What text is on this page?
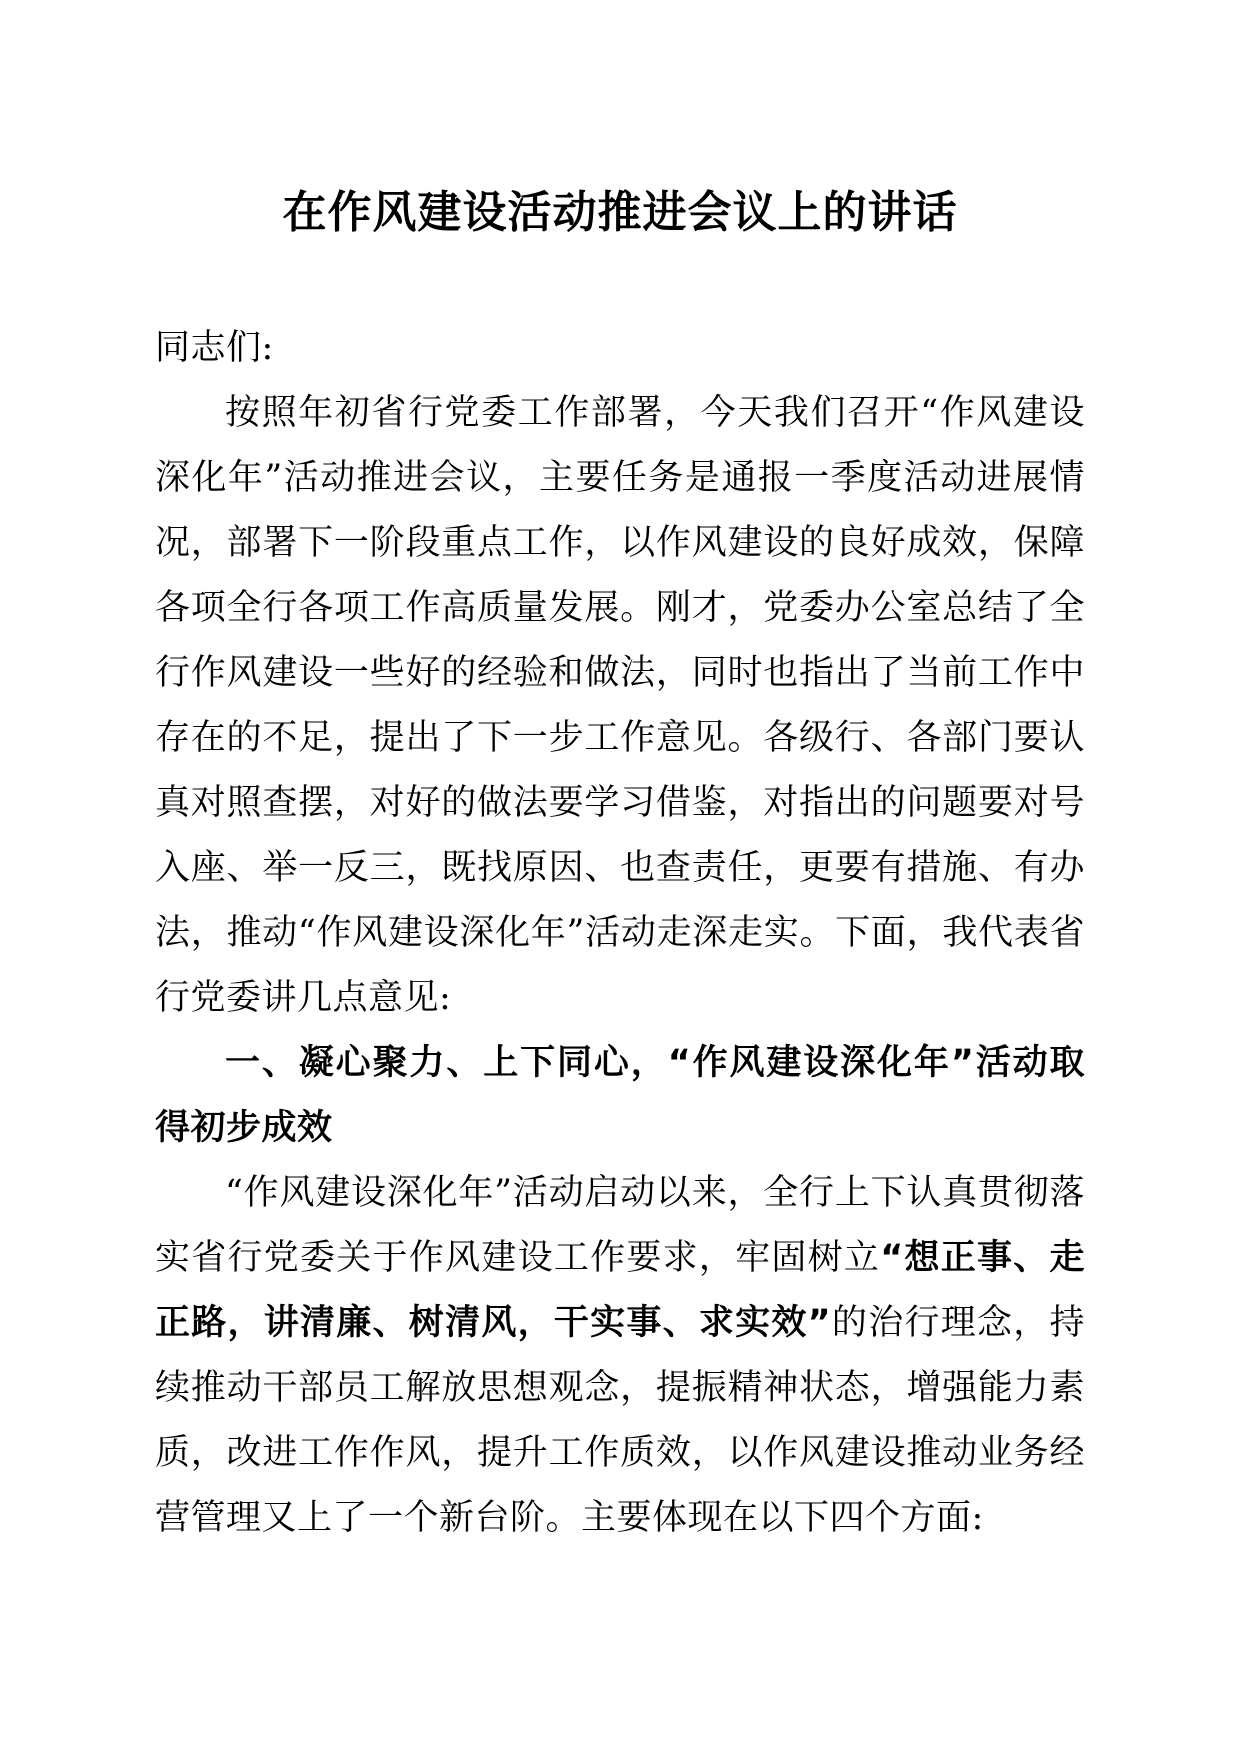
在作风建设活动推进会议上的讲话

同志们:

按照年初省行党委工作部署，今天我们召开“作风建设深化年”活动推进会议，主要任务是通报一季度活动进展情况，部署下一阶段重点工作，以作风建设的良好成效，保障各项全行各项工作高质量发展。刚才，党委办公室总结了全行作风建设一些好的经验和做法，同时也指出了当前工作中存在的不足，提出了下一步工作意见。各级行、各部门要认真对照查摆，对好的做法要学习借鉴，对指出的问题要对号入座、举一反三，既找原因、也查责任，更要有措施、有办法，推动“作风建设深化年”活动走深走实。下面，我代表省行党委讲几点意见:

一、凝心聚力、上下同心，“作风建设深化年”活动取得初步成效

“作风建设深化年”活动启动以来，全行上下认真贯彻落实省行党委关于作风建设工作要求，牢固树立“想正事、走正路，讲清廉、树清风，干实事、求实效”的治行理念，持续推动干部员工解放思想观念，提振精神状态，增强能力素质，改进工作作风，提升工作质效，以作风建设推动业务经营管理又上了一个新台阶。主要体现在以下四个方面:
